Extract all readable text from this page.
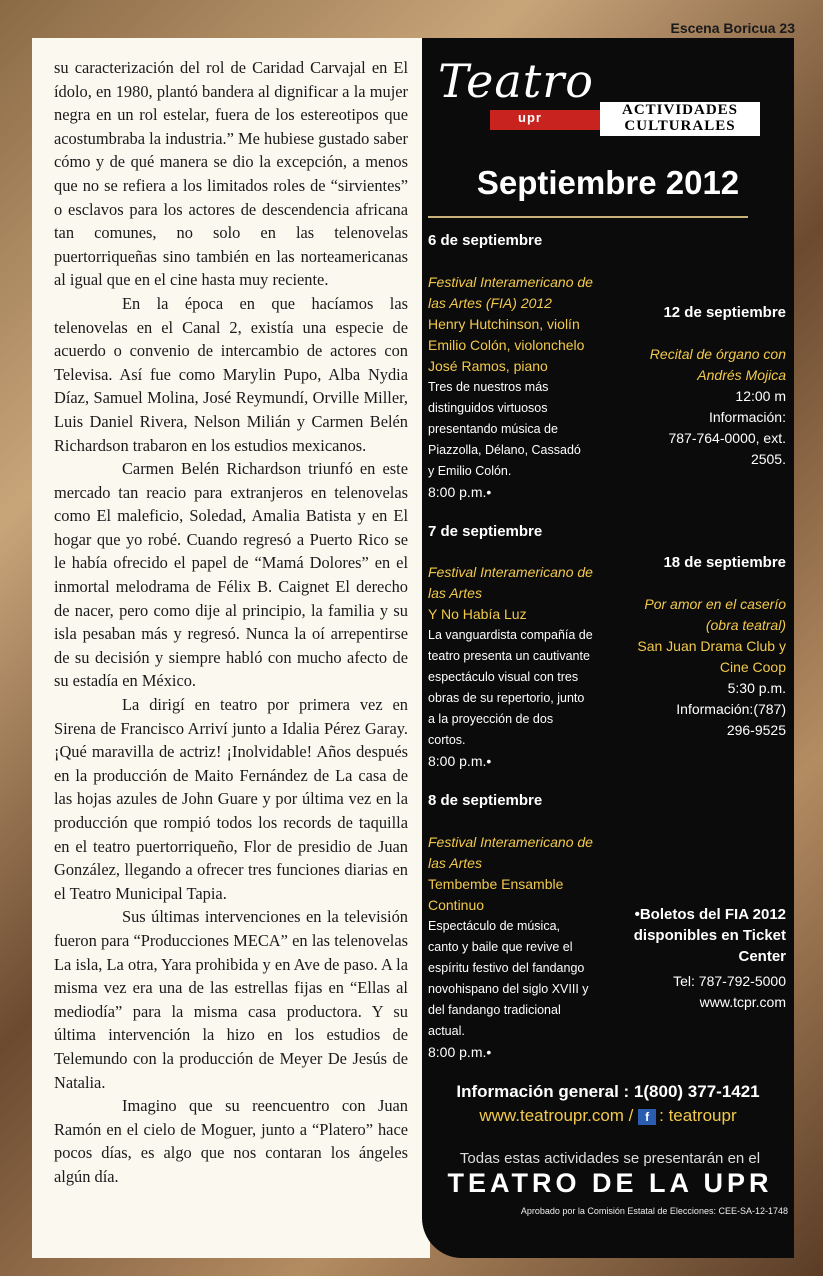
Escena Boricua 23

su caracterización del rol de Caridad Carvajal en El ídolo, en 1980, plantó bandera al dignificar a la mujer negra en un rol estelar, fuera de los estereotipos que acostumbraba la industria.” Me hubiese gustado saber cómo y de qué manera se dio la excepción, a menos que no se refiera a los limitados roles de “sirvientes” o esclavos para los actores de descendencia africana tan comunes, no solo en las telenovelas puertorriqueñas sino también en las norteamericanas al igual que en el cine hasta muy reciente.

En la época en que hacíamos las telenovelas en el Canal 2, existía una especie de acuerdo o convenio de intercambio de actores con Televisa. Así fue como Marylin Pupo, Alba Nydia Díaz, Samuel Molina, José Reymundí, Orville Miller, Luis Daniel Rivera, Nelson Milián y Carmen Belén Richardson trabaron en los estudios mexicanos.

Carmen Belén Richardson triunfó en este mercado tan reacio para extranjeros en telenovelas como El maleficio, Soledad, Amalia Batista y en El hogar que yo robé. Cuando regresó a Puerto Rico se le había ofrecido el papel de “Mamá Dolores” en el inmortal melodrama de Félix B. Caignet El derecho de nacer, pero como dije al principio, la familia y su isla pesaban más y regresó. Nunca la oí arrepentirse de su decisión y siempre habló con mucho afecto de su estadía en México.

La dirigí en teatro por primera vez en Sirena de Francisco Arriví junto a Idalia Pérez Garay. ¡Qué maravilla de actriz! ¡Inolvidable! Años después en la producción de Maito Fernández de La casa de las hojas azules de John Guare y por última vez en la producción que rompió todos los records de taquilla en el teatro puertorriqueño, Flor de presidio de Juan González, llegando a ofrecer tres funciones diarias en el Teatro Municipal Tapia.

Sus últimas intervenciones en la televisión fueron para “Producciones MECA” en las telenovelas La isla, La otra, Yara prohibida y en Ave de paso. A la misma vez era una de las estrellas fijas en “Ellas al mediodía” para la misma casa productora. Y su última intervención la hizo en los estudios de Telemundo con la producción de Meyer De Jesús de Natalia.

Imagino que su reencuentro con Juan Ramón en el cielo de Moguer, junto a “Platero” hace pocos días, es algo que nos contaran los ángeles algún día.

Teatro
upr	ACTIVIDADES
CULTURALES
Septiembre 2012
6 de septiembre
Festival Interamericano de
las Artes (FIA) 2012
Henry Hutchinson, violín
Emilio Colón, violonchelo
José Ramos, piano
Tres de nuestros más
distinguidos virtuosos
presentando música de
Piazzolla, Délano, Cassadó
y Emilio Colón.
8:00 p.m.•
7 de septiembre
Festival Interamericano de
las Artes
Y No Había Luz
La vanguardista compañía de
teatro presenta un cautivante
espectáculo visual con tres
obras de su repertorio, junto
a la proyección de dos
cortos.
8:00 p.m.•
8 de septiembre
Festival Interamericano de
las Artes
Tembembe Ensamble
Continuo
Espectáculo de música,
canto y baile que revive el
espíritu festivo del fandango
novohispano del siglo XVIII y
del fandango tradicional
actual.
8:00 p.m.•
12 de septiembre
Recital de órgano con
Andrés Mojica
12:00 m
Información:
787-764-0000, ext.
2505.
18 de septiembre
Por amor en el caserío
(obra teatral)
San Juan Drama Club y
Cine Coop
5:30 p.m.
Información:(787)
296-9525
•Boletos del FIA 2012
disponibles en Ticket
Center
Tel: 787-792-5000
www.tcpr.com
Información general : 1(800) 377-1421
www.teatroupr.com / f : teatroupr
Todas estas actividades se presentarán en el
TEATRO DE LA UPR
Aprobado por la Comisión Estatal de Elecciones: CEE-SA-12-1748
